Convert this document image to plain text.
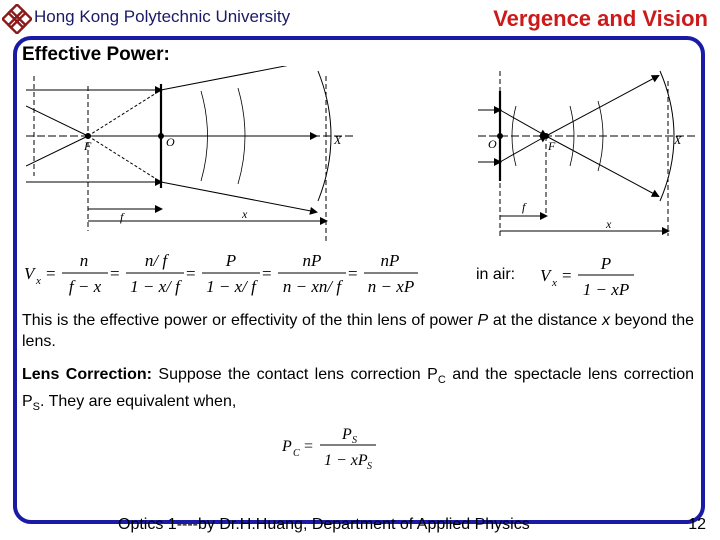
Hong Kong Polytechnic University	Vergence and Vision
Effective Power:
F	O	X
f	x
F
O	X
f
x
V x =
n
f − x
=
n/ f
1 − x/ f
=
P
1 − x/ f
=
nP
n − xn/ f
=
nP
n − xP
in air: V x =
P
1 − xP
This is the effective power or effectivity of the thin lens of power P at the distance x beyond the lens.
Lens Correction: Suppose the contact lens correction $P_C$ and the spectacle lens correction $P_S$. They are equivalent when,
P C =
P S
1 − xP S
Optics 1----by Dr.H.Huang, Department of Applied Physics	12
